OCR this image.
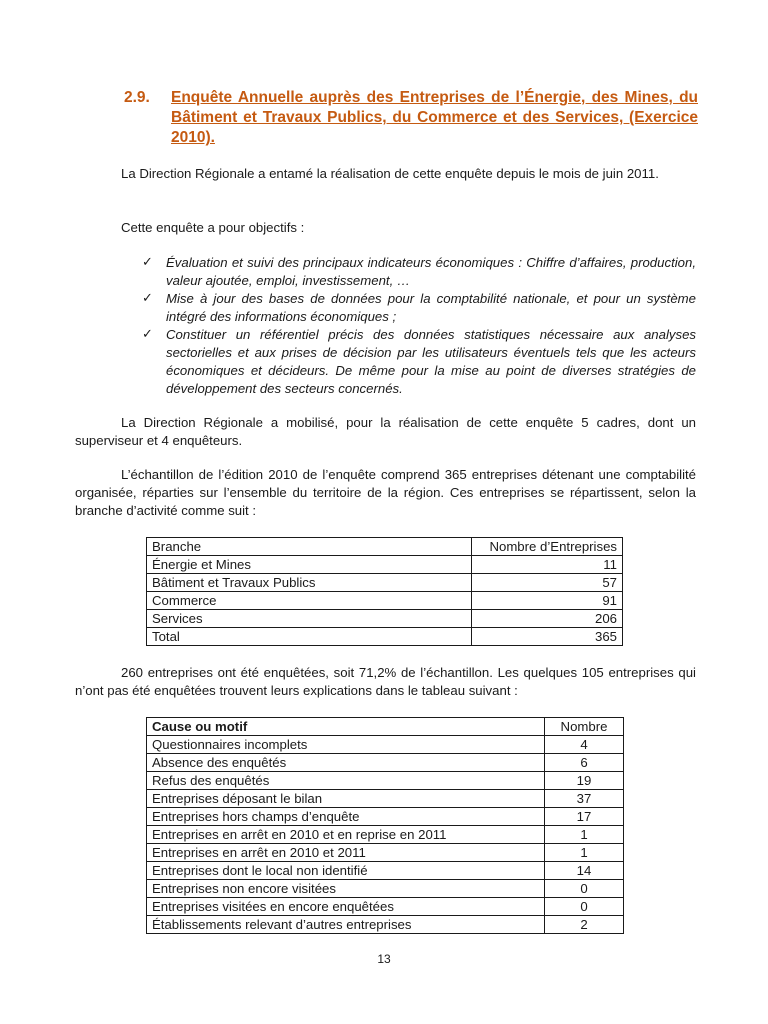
2.9. Enquête Annuelle auprès des Entreprises de l’Énergie, des Mines, du Bâtiment et Travaux Publics, du Commerce et des Services, (Exercice 2010).

La Direction Régionale a entamé la réalisation de cette enquête depuis le mois de juin 2011.

Cette enquête a pour objectifs :

✓ Évaluation et suivi des principaux indicateurs économiques : Chiffre d’affaires, production, valeur ajoutée, emploi, investissement, …
✓ Mise à jour des bases de données pour la comptabilité nationale, et pour un système intégré des informations économiques ;
✓ Constituer un référentiel précis des données statistiques nécessaire aux analyses sectorielles et aux prises de décision par les utilisateurs éventuels tels que les acteurs économiques et décideurs. De même pour la mise au point de diverses stratégies de développement des secteurs concernés.

La Direction Régionale a mobilisé, pour la réalisation de cette enquête 5 cadres, dont un superviseur et 4 enquêteurs.

L’échantillon de l’édition 2010 de l’enquête comprend 365 entreprises détenant une comptabilité organisée, réparties sur l’ensemble du territoire de la région. Ces entreprises se répartissent, selon la branche d’activité comme suit :

Branche	Nombre d’Entreprises
Énergie et Mines	11
Bâtiment et Travaux Publics	57
Commerce	91
Services	206
Total	365

260 entreprises ont été enquêtées, soit 71,2% de l’échantillon. Les quelques 105 entreprises qui n’ont pas été enquêtées trouvent leurs explications dans le tableau suivant :

Cause ou motif	Nombre
Questionnaires incomplets	4
Absence des enquêtés	6
Refus des enquêtés	19
Entreprises déposant le bilan	37
Entreprises hors champs d’enquête	17
Entreprises en arrêt en 2010 et en reprise en 2011	1
Entreprises en arrêt en 2010 et 2011	1
Entreprises dont le local non identifié	14
Entreprises non encore visitées	0
Entreprises visitées en encore enquêtées	0
Établissements relevant d’autres entreprises	2
13
